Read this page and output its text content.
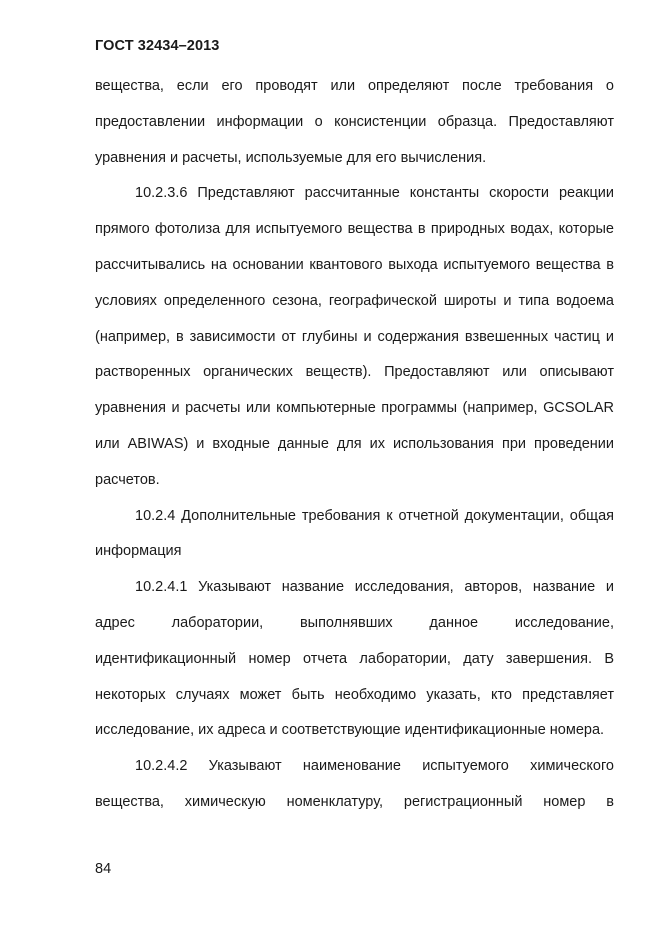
ГОСТ 32434–2013

вещества, если его проводят или определяют после требования о предоставлении информации о консистенции образца. Предоставляют уравнения и расчеты, используемые для его вычисления.

10.2.3.6 Представляют рассчитанные константы скорости реакции прямого фотолиза для испытуемого вещества в природных водах, которые рассчитывались на основании квантового выхода испытуемого вещества в условиях определенного сезона, географической широты и типа водоема (например, в зависимости от глубины и содержания взвешенных частиц и растворенных органических веществ). Предоставляют или описывают уравнения и расчеты или компьютерные программы (например, GCSOLAR или ABIWAS) и входные данные для их использования при проведении расчетов.

10.2.4 Дополнительные требования к отчетной документации, общая информация

10.2.4.1 Указывают название исследования, авторов, название и адрес лаборатории, выполнявших данное исследование, идентификационный номер отчета лаборатории, дату завершения. В некоторых случаях может быть необходимо указать, кто представляет исследование, их адреса и соответствующие идентификационные номера.

10.2.4.2 Указывают наименование испытуемого химического вещества, химическую номенклатуру, регистрационный номер в

84
